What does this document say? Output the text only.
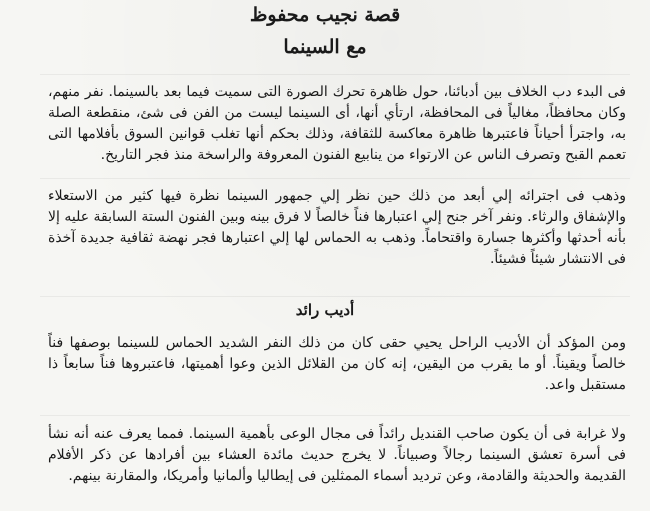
قصة نجيب محفوظ
مع السينما

فى البدء دب الخلاف بين أدبائنا، حول ظاهرة تحرك الصورة التى سميت فيما بعد بالسينما. نفر منهم، وكان محافظاً، مغالياً فى المحافظة، ارتأي أنها، أى السينما ليست من الفن فى شئ، منقطعة الصلة به، واجترأ أحياناً فاعتبرها ظاهرة معاكسة للثقافة، وذلك بحكم أنها تغلب قوانين السوق بأفلامها التى تعمم القبح وتصرف الناس عن الارتواء من ينابيع الفنون المعروفة والراسخة منذ فجر التاريخ.

وذهب فى اجترائه إلي أبعد من ذلك حين نظر إلي جمهور السينما نظرة فيها كثير من الاستعلاء والإشفاق والرثاء. ونفر آخر جنح إلي اعتبارها فناً خالصاً لا فرق بينه وبين الفنون الستة السابقة عليه إلا بأنه أحدثها وأكثرها جسارة واقتحاماً. وذهب به الحماس لها إلي اعتبارها فجر نهضة ثقافية جديدة آخذة فى الانتشار شيئاً فشيئاً.

أديب رائد

ومن المؤكد أن الأديب الراحل يحيي حقى كان من ذلك النفر الشديد الحماس للسينما بوصفها فناً خالصاً ويقيناً. أو ما يقرب من اليقين، إنه كان من القلائل الذين وعوا أهميتها، فاعتبروها فناً سابعاً ذا مستقبل واعد.

ولا غرابة فى أن يكون صاحب القنديل رائداً فى مجال الوعى بأهمية السينما. فمما يعرف عنه أنه نشأ فى أسرة تعشق السينما رجالاً وصبياناً. لا يخرج حديث مائدة العشاء بين أفرادها عن ذكر الأفلام القديمة والحديثة والقادمة، وعن ترديد أسماء الممثلين فى إيطاليا وألمانيا وأمريكا، والمقارنة بينهم.
